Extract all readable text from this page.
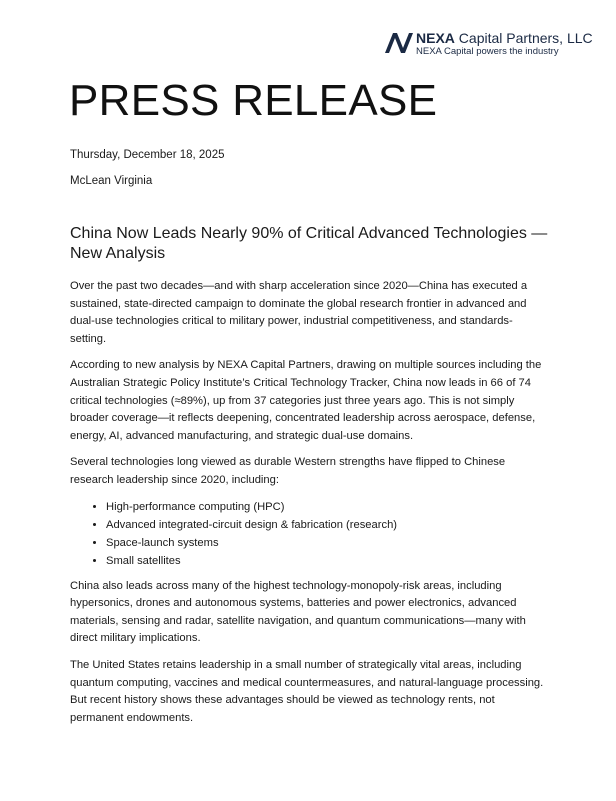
NEXA Capital Partners, LLC
NEXA Capital powers the industry
PRESS RELEASE
Thursday, December 18, 2025
McLean Virginia
China Now Leads Nearly 90% of Critical Advanced Technologies — New Analysis

Over the past two decades—and with sharp acceleration since 2020—China has executed a sustained, state-directed campaign to dominate the global research frontier in advanced and dual-use technologies critical to military power, industrial competitiveness, and standards-setting.

According to new analysis by NEXA Capital Partners, drawing on multiple sources including the Australian Strategic Policy Institute’s Critical Technology Tracker, China now leads in 66 of 74 critical technologies (≈89%), up from 37 categories just three years ago. This is not simply broader coverage—it reflects deepening, concentrated leadership across aerospace, defense, energy, AI, advanced manufacturing, and strategic dual-use domains.

Several technologies long viewed as durable Western strengths have flipped to Chinese research leadership since 2020, including:

• High-performance computing (HPC)
• Advanced integrated-circuit design & fabrication (research)
• Space-launch systems
• Small satellites

China also leads across many of the highest technology-monopoly-risk areas, including hypersonics, drones and autonomous systems, batteries and power electronics, advanced materials, sensing and radar, satellite navigation, and quantum communications—many with direct military implications.

The United States retains leadership in a small number of strategically vital areas, including quantum computing, vaccines and medical countermeasures, and natural-language processing. But recent history shows these advantages should be viewed as technology rents, not permanent endowments.
